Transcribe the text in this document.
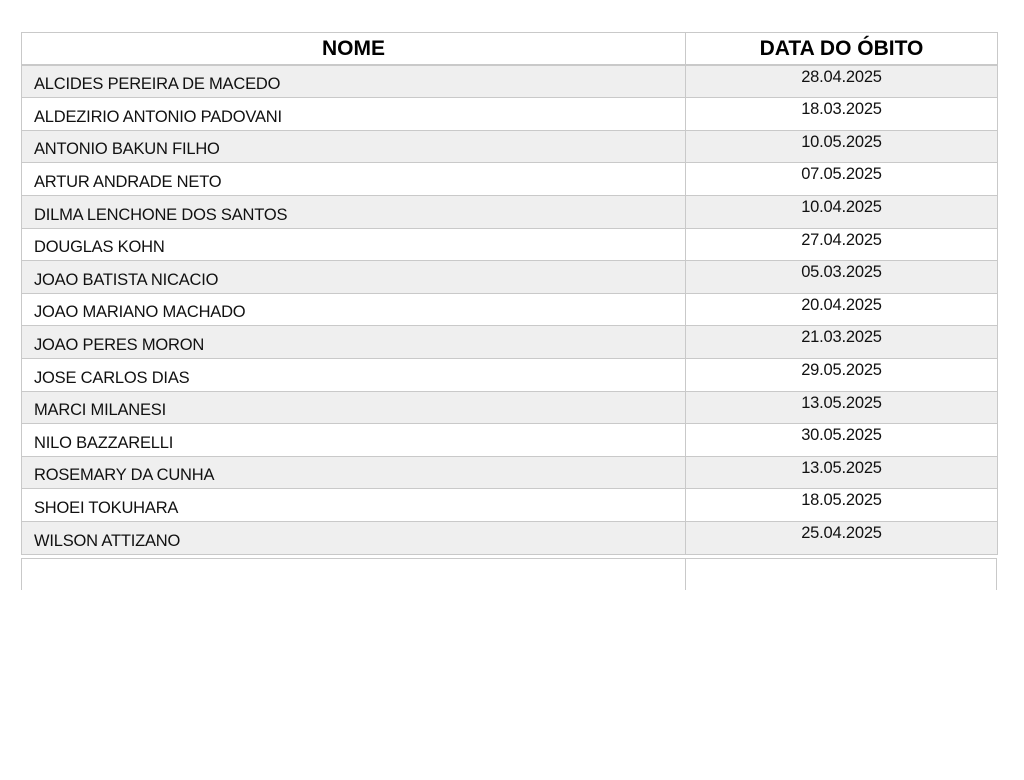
NOME	DATA DO ÓBITO
ALCIDES PEREIRA DE MACEDO	28.04.2025
ALDEZIRIO ANTONIO PADOVANI	18.03.2025
ANTONIO BAKUN FILHO	10.05.2025
ARTUR ANDRADE NETO	07.05.2025
DILMA LENCHONE DOS SANTOS	10.04.2025
DOUGLAS KOHN	27.04.2025
JOAO BATISTA NICACIO	05.03.2025
JOAO MARIANO MACHADO	20.04.2025
JOAO PERES MORON	21.03.2025
JOSE CARLOS DIAS	29.05.2025
MARCI MILANESI	13.05.2025
NILO BAZZARELLI	30.05.2025
ROSEMARY DA CUNHA	13.05.2025
SHOEI TOKUHARA	18.05.2025
WILSON ATTIZANO	25.04.2025
